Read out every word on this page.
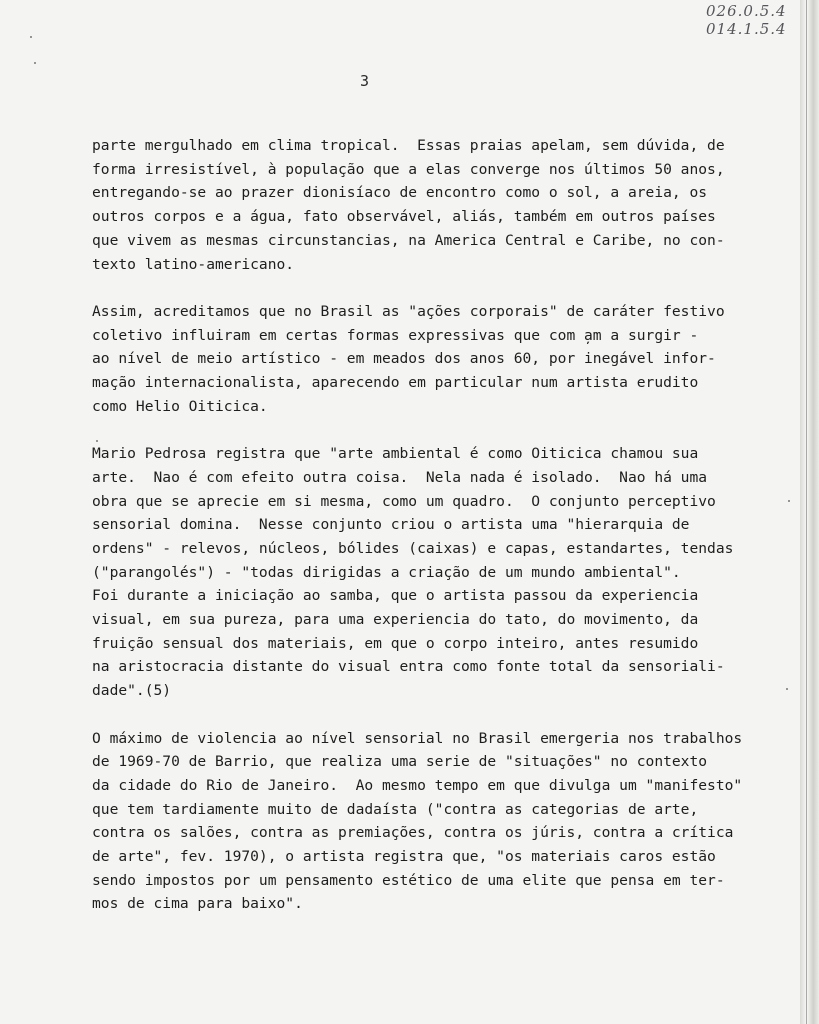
026.0.5.4
014.1.5.4
3

parte mergulhado em clima tropical.  Essas praias apelam, sem dúvida, de
forma irresistível, à população que a elas converge nos últimos 50 anos,
entregando-se ao prazer dionisíaco de encontro como o sol, a areia, os
outros corpos e a água, fato observável, aliás, também em outros países
que vivem as mesmas circunstancias, na America Central e Caribe, no con-
texto latino-americano.

Assim, acreditamos que no Brasil as "ações corporais" de caráter festivo
coletivo influiram em certas formas expressivas que com ̦am a surgir -
ao nível de meio artístico - em meados dos anos 60, por inegável infor-
mação internacionalista, aparecendo em particular num artista erudito
como Helio Oiticica.

Mario Pedrosa registra que "arte ambiental é como Oiticica chamou sua
arte.  Nao é com efeito outra coisa.  Nela nada é isolado.  Nao há uma
obra que se aprecie em si mesma, como um quadro.  O conjunto perceptivo
sensorial domina.  Nesse conjunto criou o artista uma "hierarquia de
ordens" - relevos, núcleos, bólides (caixas) e capas, estandartes, tendas
("parangolés") - "todas dirigidas a criação de um mundo ambiental".
Foi durante a iniciação ao samba, que o artista passou da experiencia
visual, em sua pureza, para uma experiencia do tato, do movimento, da
fruição sensual dos materiais, em que o corpo inteiro, antes resumido
na aristocracia distante do visual entra como fonte total da sensoriali-
dade".(5)

O máximo de violencia ao nível sensorial no Brasil emergeria nos trabalhos
de 1969-70 de Barrio, que realiza uma serie de "situações" no contexto
da cidade do Rio de Janeiro.  Ao mesmo tempo em que divulga um "manifesto"
que tem tardiamente muito de dadaísta ("contra as categorias de arte,
contra os salões, contra as premiações, contra os júris, contra a crítica
de arte", fev. 1970), o artista registra que, "os materiais caros estão
sendo impostos por um pensamento estético de uma elite que pensa em ter-
mos de cima para baixo".
